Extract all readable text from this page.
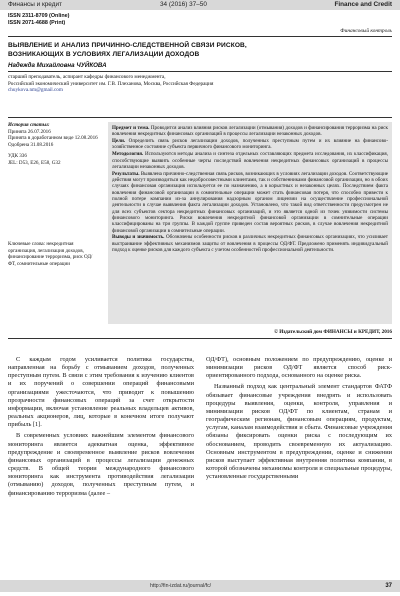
Финансы и кредит	34 (2016) 37–50	Finance and Credit
ISSN 2311-8709 (Online)
ISSN 2071-4688 (Print)
Финансовый контроль
ВЫЯВЛЕНИЕ И АНАЛИЗ ПРИЧИННО-СЛЕДСТВЕННОЙ СВЯЗИ РИСКОВ,
ВОЗНИКАЮЩИХ В УСЛОВИЯХ ЛЕГАЛИЗАЦИИ ДОХОДОВ
Надежда Михайловна ЧУЙКОВА
старший преподаватель, аспирант кафедры финансового менеджмента,
Российский экономический университет им. Г.В. Плеханова, Москва, Российская Федерация
chuykova.nm@gmail.com
История статьи:
Принята 26.07.2016
Принята в доработанном виде 12.08.2016
Одобрена 31.08.2016
УДК 336
JEL: D53, E26, E58, G32
Ключевые слова: некредитная организация, легализация доходов, финансирование терроризма, риск ОД/ФТ, сомнительные операции

Предмет и тема. Проводится анализ влияния рисков легализации (отмывания) доходов и финансирования терроризма на риск вовлечения некредитных финансовых организаций в процессы легализации незаконных доходов.

Цели. Определить связь рисков легализации доходов, полученных преступным путем и их влияние на финансово-хозяйственное состояние субъекта первичного финансового мониторинга.

Методология. Используются методы анализа и синтеза отдельных составляющих предмета исследования, их классификация, способствующие выявить особенные черты последствий вовлечения некредитных финансовых организаций в процессы легализации незаконных доходов.

Результаты. Выявлена причинно-следственная связь рисков, возникающих в условиях легализации доходов. Соответствующие действия могут производиться как недобросовестными клиентами, так и собственниками финансовой организации, но в обоих случаях финансовая организация используется ее по назначению, а в корыстных и незаконных целях. Последствием факта вовлечения финансовой организации в сомнительные операции может стать финансовая потеря, что способно привести к полной потере компании из-за аннулирования надзорным органом лицензии на осуществление профессиональной деятельности в случае выявления факта легализации доходов. Установлено, что такой вид ответственности предусмотрен не для всех субъектов сектора некредитных финансовых организаций, и это является одной из точек уязвимости системы финансового мониторинга. Риски вовлечения некредитной финансовой организации в сомнительные операции классифицированы на три группы. В каждой группе приведен состав вероятных рисков, в случае вовлечения некредитной финансовой организации в сомнительные операции.

Выводы и значимость. Обозначены особенности рисков в различных некредитных финансовых организациях, что усиливает выстраивание эффективных механизмов защиты от вовлечения в процессы ОД/ФТ. Предложено применять индивидуальный подход к оценке рисков для каждого субъекта с учетом особенностей профессиональной деятельности.

© Издательский дом ФИНАНСЫ и КРЕДИТ, 2016

С каждым годом усиливается политика государства, направленная на борьбу с отмыванием доходов, полученных преступным путем. В связи с этим требования к изучению клиентов и их поручений о совершении операций финансовыми организациями ужесточаются, что приводит к повышению прозрачности финансовых операций за счет открытости информации, включая установление реальных владельцев активов, реальных акционеров, лиц, которые в конечном итоге получают прибыль [1].

В современных условиях важнейшим элементом финансового мониторинга является адекватная оценка, эффективное предупреждение и своевременное выявление рисков вовлечения финансовых организаций в процессы легализации денежных средств. В общей теории международного финансового мониторинга как инструмента противодействия легализации (отмыванию) доходов, полученных преступным путем, и финансированию терроризма (далее –

ОД/ФТ), основным положением по предупреждению, оценке и минимизации рисков ОД/ФТ является способ риск-ориентированного подхода, основанного на оценке риска.

Названный подход как центральный элемент стандартов ФАТФ обязывает финансовые учреждения внедрять и использовать процедуры выявления, оценки, контроля, управления и минимизации рисков ОД/ФТ по клиентам, странам и географическим регионам, финансовым операциям, продуктам, услугам, каналам взаимодействия и сбыта. Финансовые учреждения обязаны фиксировать оценки риска с последующим их обоснованием, проводить своевременную их актуализацию. Основным инструментом в предупреждении, оценке и снижении рисков выступает эффективная внутренняя политика компании, в которой обозначены механизмы контроля и специальные процедуры, установленные государственными

http://fin-izdat.ru/journal/fc/	37
